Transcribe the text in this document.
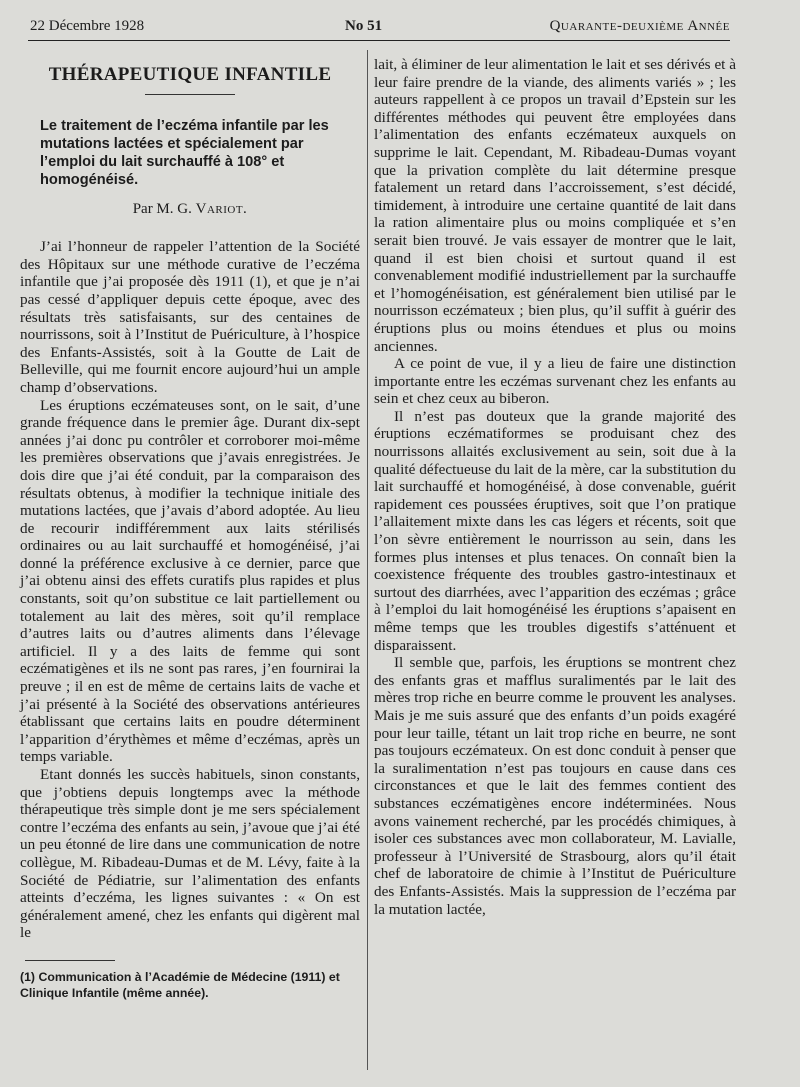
22 Décembre 1928	No 51	Quarante-deuxième Année
THÉRAPEUTIQUE INFANTILE
Le traitement de l’eczéma infantile par les mutations lactées et spécialement par l’emploi du lait surchauffé à 108° et homogénéisé.
Par M. G. Variot.

J’ai l’honneur de rappeler l’attention de la Société des Hôpitaux sur une méthode curative de l’eczéma infantile que j’ai proposée dès 1911 (1), et que je n’ai pas cessé d’appliquer depuis cette époque, avec des résultats très satisfaisants, sur des centaines de nourrissons, soit à l’Institut de Puériculture, à l’hospice des Enfants-Assistés, soit à la Goutte de Lait de Belleville, qui me fournit encore aujourd’hui un ample champ d’observations.

Les éruptions eczémateuses sont, on le sait, d’une grande fréquence dans le premier âge. Durant dix-sept années j’ai donc pu contrôler et corroborer moi-même les premières observations que j’avais enregistrées. Je dois dire que j’ai été conduit, par la comparaison des résultats obtenus, à modifier la technique initiale des mutations lactées, que j’avais d’abord adoptée. Au lieu de recourir indifféremment aux laits stérilisés ordinaires ou au lait surchauffé et homogénéisé, j’ai donné la préférence exclusive à ce dernier, parce que j’ai obtenu ainsi des effets curatifs plus rapides et plus constants, soit qu’on substitue ce lait partiellement ou totalement au lait des mères, soit qu’il remplace d’autres laits ou d’autres aliments dans l’élevage artificiel. Il y a des laits de femme qui sont eczématigènes et ils ne sont pas rares, j’en fournirai la preuve ; il en est de même de certains laits de vache et j’ai présenté à la Société des observations antérieures établissant que certains laits en poudre déterminent l’apparition d’érythèmes et même d’eczémas, après un temps variable.

Etant donnés les succès habituels, sinon constants, que j’obtiens depuis longtemps avec la méthode thérapeutique très simple dont je me sers spécialement contre l’eczéma des enfants au sein, j’avoue que j’ai été un peu étonné de lire dans une communication de notre collègue, M. Ribadeau-Dumas et de M. Lévy, faite à la Société de Pédiatrie, sur l’alimentation des enfants atteints d’eczéma, les lignes suivantes : « On est généralement amené, chez les enfants qui digèrent mal le

lait, à éliminer de leur alimentation le lait et ses dérivés et à leur faire prendre de la viande, des aliments variés » ; les auteurs rappellent à ce propos un travail d’Epstein sur les différentes méthodes qui peuvent être employées dans l’alimentation des enfants eczémateux auxquels on supprime le lait. Cependant, M. Ribadeau-Dumas voyant que la privation complète du lait détermine presque fatalement un retard dans l’accroissement, s’est décidé, timidement, à introduire une certaine quantité de lait dans la ration alimentaire plus ou moins compliquée et s’en serait bien trouvé. Je vais essayer de montrer que le lait, quand il est bien choisi et surtout quand il est convenablement modifié industriellement par la surchauffe et l’homogénéisation, est généralement bien utilisé par le nourrisson eczémateux ; bien plus, qu’il suffit à guérir des éruptions plus ou moins étendues et plus ou moins anciennes.

A ce point de vue, il y a lieu de faire une distinction importante entre les eczémas survenant chez les enfants au sein et chez ceux au biberon.

Il n’est pas douteux que la grande majorité des éruptions eczématiformes se produisant chez des nourrissons allaités exclusivement au sein, soit due à la qualité défectueuse du lait de la mère, car la substitution du lait surchauffé et homogénéisé, à dose convenable, guérit rapidement ces poussées éruptives, soit que l’on pratique l’allaitement mixte dans les cas légers et récents, soit que l’on sèvre entièrement le nourrisson au sein, dans les formes plus intenses et plus tenaces. On connaît bien la coexistence fréquente des troubles gastro-intestinaux et surtout des diarrhées, avec l’apparition des eczémas ; grâce à l’emploi du lait homogénéisé les éruptions s’apaisent en même temps que les troubles digestifs s’atténuent et disparaissent.

Il semble que, parfois, les éruptions se montrent chez des enfants gras et mafflus suralimentés par le lait des mères trop riche en beurre comme le prouvent les analyses. Mais je me suis assuré que des enfants d’un poids exagéré pour leur taille, tétant un lait trop riche en beurre, ne sont pas toujours eczémateux. On est donc conduit à penser que la suralimentation n’est pas toujours en cause dans ces circonstances et que le lait des femmes contient des substances eczématigènes encore indéterminées. Nous avons vainement recherché, par les procédés chimiques, à isoler ces substances avec mon collaborateur, M. Lavialle, professeur à l’Université de Strasbourg, alors qu’il était chef de laboratoire de chimie à l’Institut de Puériculture des Enfants-Assistés. Mais la suppression de l’eczéma par la mutation lactée,

(1) Communication à l’Académie de Médecine (1911) et Clinique Infantile (même année).
